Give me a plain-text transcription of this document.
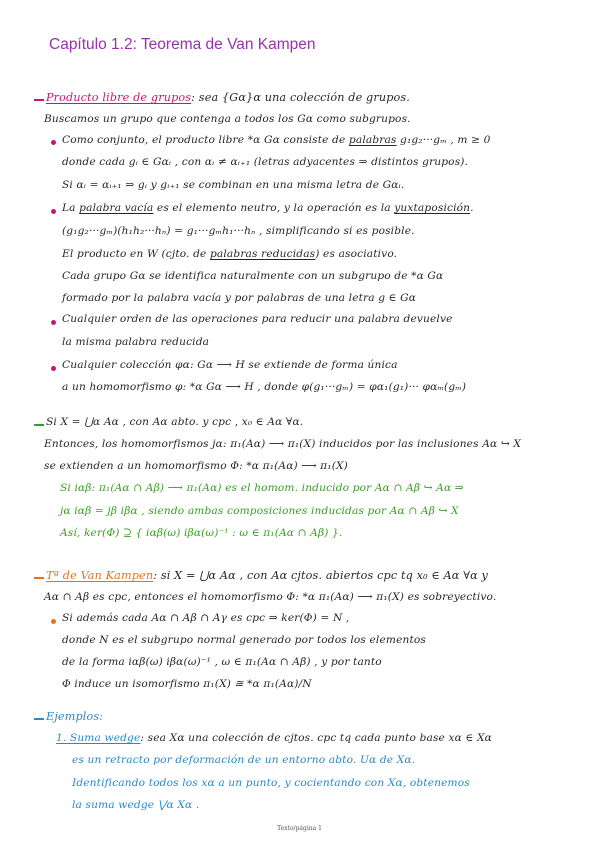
Capítulo 1.2: Teorema de Van Kampen
Producto libre de grupos: sea {Gα}α una colección de grupos.
Buscamos un grupo que contenga a todos los Gα como subgrupos.
Como conjunto, el producto libre *α Gα consiste de palabras g₁g₂···gₘ , m ≥ 0
donde cada gᵢ ∈ Gαᵢ , con αᵢ ≠ αᵢ₊₁ (letras adyacentes ⇒ distintos grupos).
Si αᵢ = αᵢ₊₁ ⇒ gᵢ y gᵢ₊₁ se combinan en una misma letra de Gαᵢ.
La palabra vacía es el elemento neutro, y la operación es la yuxtaposición.
(g₁g₂···gₘ)(h₁h₂···hₙ) = g₁···gₘh₁···hₙ , simplificando si es posible.
El producto en W (cjto. de palabras reducidas) es asociativo.
Cada grupo Gα se identifica naturalmente con un subgrupo de *α Gα
formado por la palabra vacía y por palabras de una letra g ∈ Gα
Cualquier orden de las operaciones para reducir una palabra devuelve
la misma palabra reducida
Cualquier colección φα: Gα ⟶ H se extiende de forma única
a un homomorfismo φ: *α Gα ⟶ H , donde φ(g₁···gₘ) = φα₁(g₁)··· φαₘ(gₘ)
Si X = ⋃α Aα , con Aα abto. y cpc , x₀ ∈ Aα ∀α.
Entonces, los homomorfismos jα: π₁(Aα) ⟶ π₁(X) inducidos por las inclusiones Aα ↪ X
se extienden a un homomorfismo Φ: *α π₁(Aα) ⟶ π₁(X)
Si iαβ: π₁(Aα ∩ Aβ) ⟶ π₁(Aα) es el homom. inducido por Aα ∩ Aβ ↪ Aα ⇒
jα iαβ = jβ iβα , siendo ambas composiciones inducidas por Aα ∩ Aβ ↪ X
Así, ker(Φ) ⊇ { iαβ(ω) iβα(ω)⁻¹ : ω ∈ π₁(Aα ∩ Aβ) }.
Tª de Van Kampen: si X = ⋃α Aα , con Aα cjtos. abiertos cpc tq x₀ ∈ Aα ∀α y
Aα ∩ Aβ es cpc, entonces el homomorfismo Φ: *α π₁(Aα) ⟶ π₁(X) es sobreyectivo.
Si además cada Aα ∩ Aβ ∩ Aγ es cpc ⇒ ker(Φ) = N ,
donde N es el subgrupo normal generado por todos los elementos
de la forma iαβ(ω) iβα(ω)⁻¹ , ω ∈ π₁(Aα ∩ Aβ) , y por tanto
Φ induce un isomorfismo π₁(X) ≅ *α π₁(Aα)/N
Ejemplos:
1. Suma wedge: sea Xα una colección de cjtos. cpc tq cada punto base xα ∈ Xα
es un retracto por deformación de un entorno abto. Uα de Xα.
Identificando todos los xα a un punto, y cocientando con Xα, obtenemos
la suma wedge ⋁α Xα .
Texto/página 1
